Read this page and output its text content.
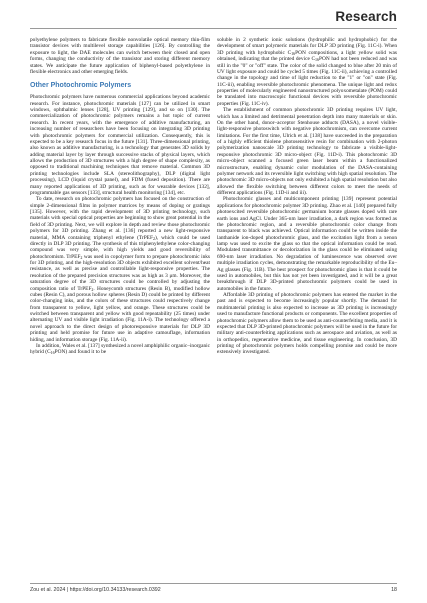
Research

polyethylene polymers to fabricate flexible nonvolatile optical memory thin-film transistor devices with multilevel storage capabilities [126]. By controlling the exposure to light, the DAE molecules can switch between their closed and open forms, changing the conductivity of the transistor and storing different memory states. We anticipate the future application of biphenyl-based polyethylene in flexible electronics and other emerging fields.

Other Photochromic Polymers

Photochromic polymers have numerous commercial applications beyond academic research. For instance, photochromic materials [127] can be utilized in smart windows, ophthalmic lenses [128], UV printing [129], and so on [130]. The commercialization of photochromic polymers remains a hot topic of current research. In recent years, with the emergence of additive manufacturing, an increasing number of researchers have been focusing on integrating 3D printing with photochromic polymers for commercial utilization. Consequently, this is expected to be a key research focus in the future [131]. Three-dimensional printing, also known as additive manufacturing, is a technology that generates 3D solids by adding material layer by layer through successive stacks of physical layers, which allows the production of 3D structures with a high degree of shape complexity, as opposed to traditional machining techniques that remove material. Common 3D printing technologies include SLA (stereolithography), DLP (digital light processing), LCD (liquid crystal panel), and FDM (fused deposition). There are many reported applications of 3D printing, such as for wearable devices [132], programmable gas sensors [133], structural health monitoring [134], etc.

To date, research on photochromic polymers has focused on the construction of simple 2-dimensional films in polymer matrices by means of doping or gratings [135]. However, with the rapid development of 3D printing technology, such materials with special optical properties are beginning to show great potential in the field of 3D printing. Next, we will explore in depth and review those photochromic polymers for 3D printing. Zhang et al. [136] reported a new light-responsive material, MMA containing triphenyl ethylene (TrPEF$_2$), which could be used directly in DLP 3D printing. The synthesis of this triphenylethylene color-changing compound was very simple, with high yields and good reversibility of photochromism. TrPEF$_2$ was used in copolymer form to prepare photochromic inks for 3D printing, and the high-resolution 3D objects exhibited excellent solvent/heat resistance, as well as precise and controllable light-responsive properties. The resolution of the prepared precision structures was as high as 3 μm. Moreover, the saturation degree of the 3D structures could be controlled by adjusting the composition ratio of TrPEF$_2$. Honeycomb structures (Resin B), modified hollow cubes (Resin C), and porous hollow spheres (Resin D) could be printed by different color-changing inks, and the colors of these structures could respectively change from transparent to yellow, light yellow, and orange. These structures could be switched between transparent and yellow with good repeatability (25 times) under alternating UV and visible light irradiation (Fig. 11A-i). The technology offered a novel approach to the direct design of photoresponsive materials for DLP 3D printing and held promise for future use in adaptive camouflage, information hiding, and information storage (Fig. 11A-ii).

In addition, Wales et al. [137] synthesized a novel amphiphilic organic–inorganic hybrid $(C_{16}PON)$ and found it to be

soluble in 2 synthetic ionic solutions (hydrophilic and hydrophobic) for the development of smart polymeric materials for DLP 3D printing (Fig. 11C-i). When 3D printing with hydrophobic $C_{16}PON$ compositions, a light yellow solid was obtained, indicating that the printed device $C_{16}PON$ had not been reduced and was still in the "0" or "off" state. The color of the solid changed to blue after 20 min of UV light exposure and could be cycled 5 times (Fig. 11C-ii), achieving a controlled change in the topology and time of light reduction to the "1" or "on" state (Fig. 11C-iii), enabling reversible photochromic phenomena. The unique light and redox properties of molecularly engineered nanostructured polyoxometalate (POM) could be translated into macroscopic functional devices with reversible photochromic properties (Fig. 11C-iv).

The establishment of common photochromic 3D printing requires UV light, which has a limited and detrimental penetration depth into many materials or skin. On the other hand, donor–acceptor Stenhouse adducts (DASA), a novel visible-light-responsive photoswitch with negative photochromism, can overcome current limitations. For the first time, Ulrich et al. [138] have succeeded in the preparation of a highly efficient thiolene photosensitive resin for combination with 2-photon polymerization nanoscale 3D printing technology to fabricate a visible-light-responsive photochromic 3D micro-object (Fig. 11D-i). This photochromic 3D micro-object scanned a focused green laser beam within a functionalized microstructure, enabling dynamic color modulation of the DASA-containing polymer network and its reversible light switching with high spatial resolution. The photochromic 3D micro-objects not only exhibited a high spatial resolution but also allowed the flexible switching between different colors to meet the needs of different applications (Fig. 11D-ii and iii).

Photochromic glasses and multicomponent printing [139] represent potential applications for photochromic polymer 3D printing. Zhao et al. [140] prepared fully photoexcited reversible photochromic germanium borate glasses doped with rare earth ions and AgCl. Under 365-nm laser irradiation, a dark region was formed as the photochromic region, and a reversible photochromic color change from transparent to black was achieved. Optical information could be written inside the lanthanide ion-doped photochromic glass, and the excitation light from a xenon lamp was used to excite the glass so that the optical information could be read. Modulated transmittance or decolorization in the glass could be eliminated using 690-nm laser irradiation. No degradation of luminescence was observed over multiple irradiation cycles, demonstrating the remarkable reproducibility of the Eu–Ag glasses (Fig. 11B). The best prospect for photochromic glass is that it could be used in automobiles, but this has not yet been investigated, and it will be a great breakthrough if DLP 3D-printed photochromic polymers could be used in automobiles in the future.

Affordable 3D printing of photochromic polymers has entered the market in the past and is expected to become increasingly popular shortly. The demand for multimaterial printing is also expected to increase as 3D printing is increasingly used to manufacture functional products or components. The excellent properties of photochromic polymers allow them to be used as anti-counterfeiting media, and it is expected that DLP 3D-printed photochromic polymers will be used in the future for military anti-counterfeiting applications such as aerospace and aviation, as well as in orthopedics, regenerative medicine, and tissue engineering. In conclusion, 3D printing of photochromic polymers holds compelling promise and could be more extensively investigated.

Zou et al. 2024 | https://doi.org/10.34133/research.0392	18
